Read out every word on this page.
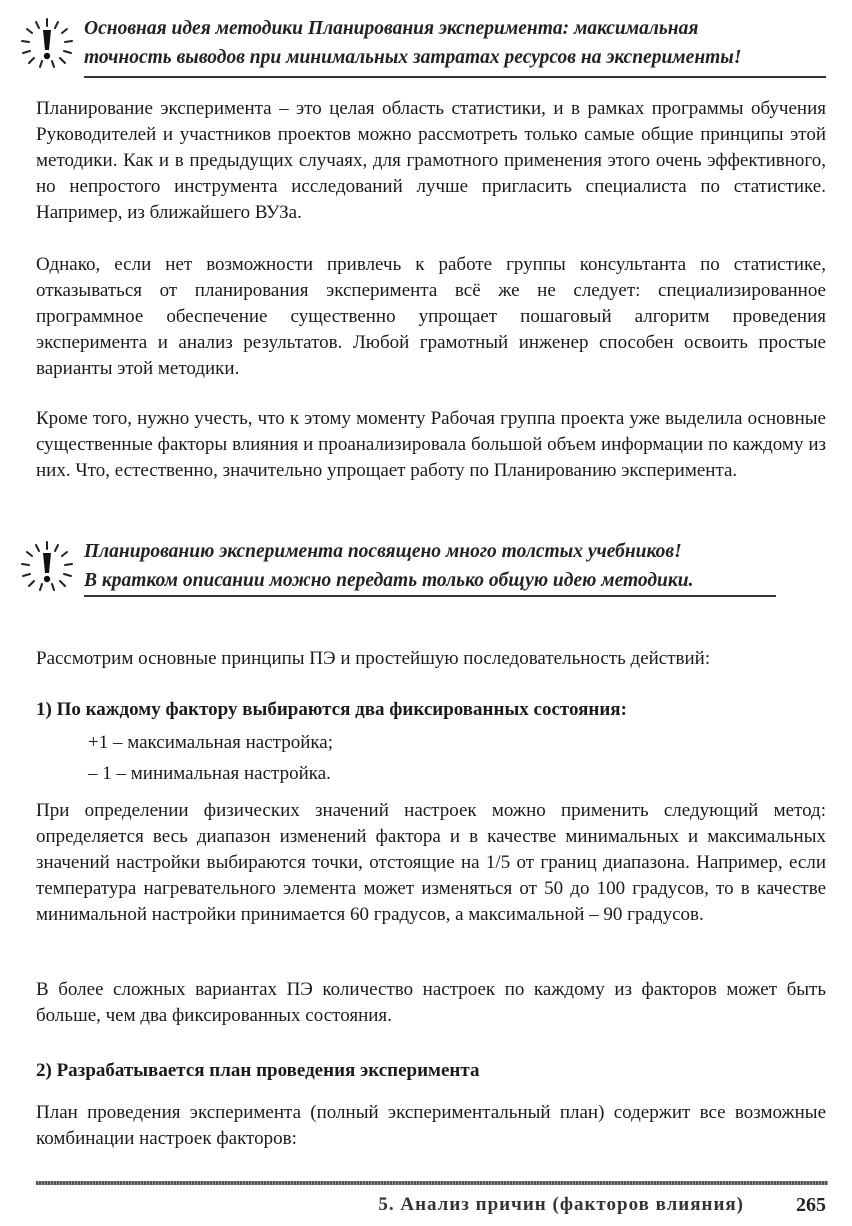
Основная идея методики Планирования эксперимента: максимальная
точность выводов при минимальных затратах ресурсов на эксперименты!

Планирование эксперимента – это целая область статистики, и в рамках программы обучения Руководителей и участников проектов можно рассмотреть только самые общие принципы этой методики. Как и в предыдущих случаях, для грамотного применения этого очень эффективного, но непростого инструмента исследований лучше пригласить специалиста по статистике. Например, из ближайшего ВУЗа.

Однако, если нет возможности привлечь к работе группы консультанта по статистике, отказываться от планирования эксперимента всё же не следует: специализированное программное обеспечение существенно упрощает пошаговый алгоритм проведения эксперимента и анализ результатов. Любой грамотный инженер способен освоить простые варианты этой методики.

Кроме того, нужно учесть, что к этому моменту Рабочая группа проекта уже выделила основные существенные факторы влияния и проанализировала большой объем информации по каждому из них. Что, естественно, значительно упрощает работу по Планированию эксперимента.

Планированию эксперимента посвящено много толстых учебников!
В кратком описании можно передать только общую идею методики.

Рассмотрим основные принципы ПЭ и простейшую последовательность действий:

1) По каждому фактору выбираются два фиксированных состояния:

+1 – максимальная настройка;

– 1 – минимальная настройка.

При определении физических значений настроек можно применить следующий метод: определяется весь диапазон изменений фактора и в качестве минимальных и максимальных значений настройки выбираются точки, отстоящие на 1/5 от границ диапазона. Например, если температура нагревательного элемента может изменяться от 50 до 100 градусов, то в качестве минимальной настройки принимается 60 градусов, а максимальной – 90 градусов.

В более сложных вариантах ПЭ количество настроек по каждому из факторов может быть больше, чем два фиксированных состояния.

2) Разрабатывается план проведения эксперимента

План проведения эксперимента (полный экспериментальный план) содержит все возможные комбинации настроек факторов:

5. Анализ причин (факторов влияния)	265
